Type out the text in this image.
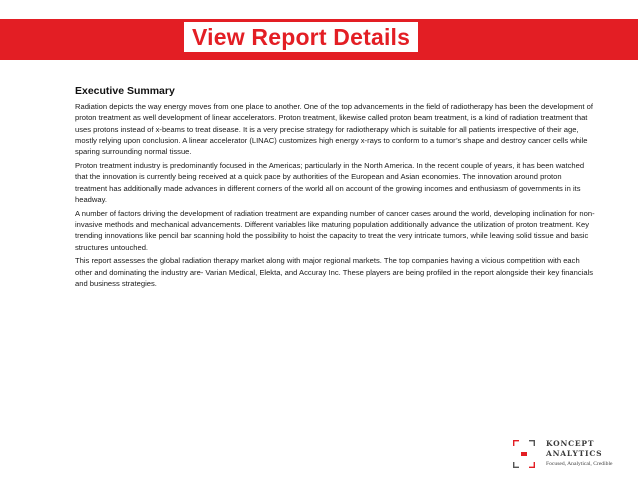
View Report Details
Executive Summary

Radiation depicts the way energy moves from one place to another. One of the top advancements in the field of radiotherapy has been the development of proton treatment as well development of linear accelerators. Proton treatment, likewise called proton beam treatment, is a kind of radiation treatment that uses protons instead of x-beams to treat disease. It is a very precise strategy for radiotherapy which is suitable for all patients irrespective of their age, mostly relying upon conclusion. A linear accelerator (LINAC) customizes high energy x-rays to conform to a tumor’s shape and destroy cancer cells while sparing surrounding normal tissue.

Proton treatment industry is predominantly focused in the Americas; particularly in the North America. In the recent couple of years, it has been watched that the innovation is currently being received at a quick pace by authorities of the European and Asian economies. The innovation around proton treatment has additionally made advances in different corners of the world all on account of the growing incomes and enthusiasm of governments in its headway.

A number of factors driving the development of radiation treatment are expanding number of cancer cases around the world, developing inclination for non-invasive methods and mechanical advancements. Different variables like maturing population additionally advance the utilization of proton treatment. Key trending innovations like pencil bar scanning hold the possibility to hoist the capacity to treat the very intricate tumors, while leaving solid tissue and basic structures untouched.

This report assesses the global radiation therapy market along with major regional markets. The top companies having a vicious competition with each other and dominating the industry are- Varian Medical, Elekta, and Accuray Inc. These players are being profiled in the report alongside their key financials and business strategies.

KONCEPT
ANALYTICS
Focused, Analytical, Credible
